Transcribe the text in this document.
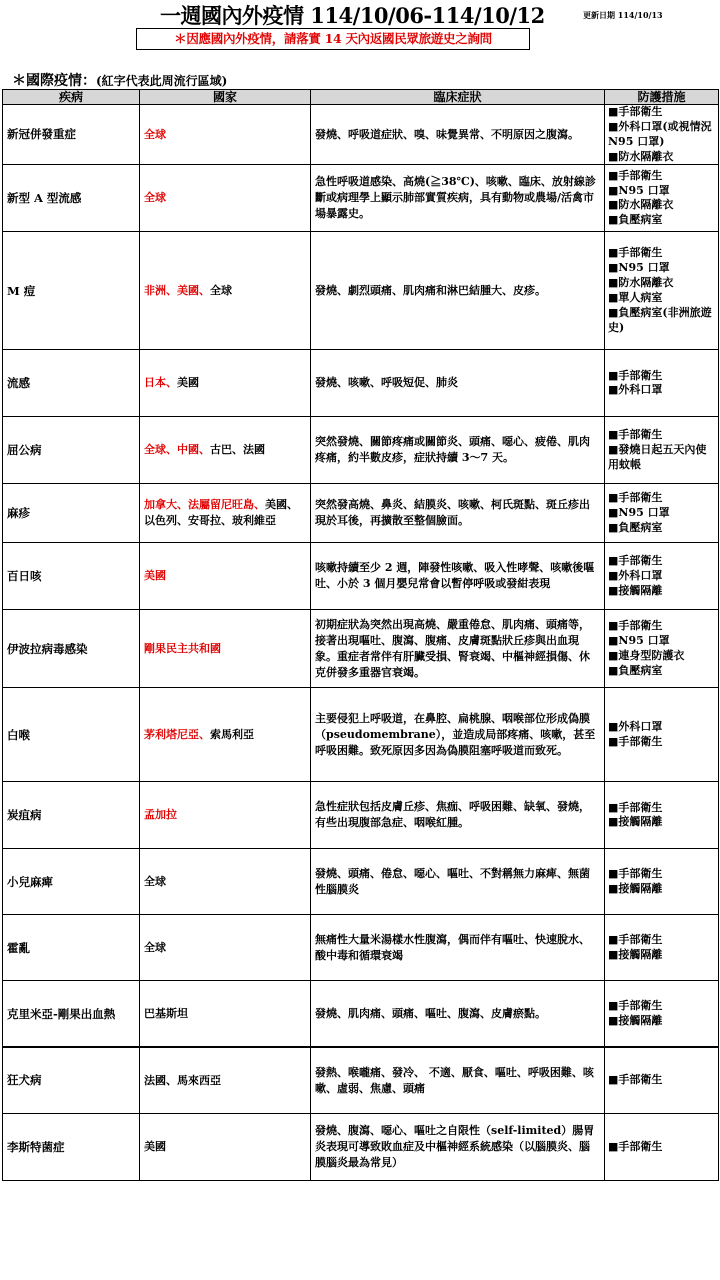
一週國內外疫情 114/10/06-114/10/12	更新日期 114/10/13
＊因應國內外疫情，請落實 14 天內返國民眾旅遊史之詢問
＊國際疫情：(紅字代表此周流行區域)
疾病	國家	臨床症狀	防護措施
新冠併發重症	全球	發燒、呼吸道症狀、嗅、味覺異常、不明原因之腹瀉。	■手部衛生
■外科口罩(或視情況 N95 口罩)
■防水隔離衣

新型 A 型流感	全球	急性呼吸道感染、高燒(≧38℃)、咳嗽、臨床、放射線診斷或病理學上顯示肺部實質疾病，具有動物或農場/活禽市場暴露史。	■手部衛生
■N95 口罩
■防水隔離衣
■負壓病室

M 痘	非洲、美國、全球	發燒、劇烈頭痛、肌肉痛和淋巴結腫大、皮疹。	■手部衛生
■N95 口罩
■防水隔離衣
■單人病室
■負壓病室(非洲旅遊史)

流感	日本、美國	發燒、咳嗽、呼吸短促、肺炎	■手部衛生
■外科口罩

屈公病	全球、中國、古巴、法國	突然發燒、關節疼痛或關節炎、頭痛、噁心、疲倦、肌肉疼痛，約半數皮疹，症狀持續 3～7 天。	■手部衛生
■發燒日起五天內使用蚊帳

麻疹	加拿大、法屬留尼旺島、美國、以色列、安哥拉、玻利維亞	突然發高燒、鼻炎、結膜炎、咳嗽、柯氏斑點、斑丘疹出現於耳後，再擴散至整個臉面。	■手部衛生
■N95 口罩
■負壓病室

百日咳	美國	咳嗽持續至少 2 週，陣發性咳嗽、吸入性哮聲、咳嗽後嘔吐、小於 3 個月嬰兒常會以暫停呼吸或發紺表現	■手部衛生
■外科口罩
■接觸隔離

伊波拉病毒感染	剛果民主共和國	初期症狀為突然出現高燒、嚴重倦怠、肌肉痛、頭痛等，接著出現嘔吐、腹瀉、腹痛、皮膚斑點狀丘疹與出血現象。重症者常伴有肝臟受損、腎衰竭、中樞神經損傷、休克併發多重器官衰竭。	■手部衛生
■N95 口罩
■連身型防護衣
■負壓病室

白喉	茅利塔尼亞、索馬利亞	主要侵犯上呼吸道，在鼻腔、扁桃腺、咽喉部位形成偽膜（pseudomembrane），並造成局部疼痛、咳嗽，甚至呼吸困難。致死原因多因為偽膜阻塞呼吸道而致死。	■外科口罩
■手部衛生

炭疽病	孟加拉	急性症狀包括皮膚丘疹、焦痂、呼吸困難、缺氧、發燒，有些出現腹部急症、咽喉紅腫。	■手部衛生
■接觸隔離

小兒麻痺	全球	發燒、頭痛、倦怠、噁心、嘔吐、不對稱無力麻痺、無菌性腦膜炎	■手部衛生
■接觸隔離

霍亂	全球	無痛性大量米湯樣水性腹瀉，偶而伴有嘔吐、快速脫水、酸中毒和循環衰竭	■手部衛生
■接觸隔離

克里米亞-剛果出血熱	巴基斯坦	發燒、肌肉痛、頭痛、嘔吐、腹瀉、皮膚瘀點。	■手部衛生
■接觸隔離
狂犬病	法國、馬來西亞	發熱、喉嚨痛、發冷、 不適、厭食、嘔吐、呼吸困難、咳嗽、虛弱、焦慮、頭痛	■手部衛生

李斯特菌症	美國	發燒、腹瀉、噁心、嘔吐之自限性（self-limited）腸胃炎表現可導致敗血症及中樞神經系統感染（以腦膜炎、腦膜腦炎最為常見）	■手部衛生
